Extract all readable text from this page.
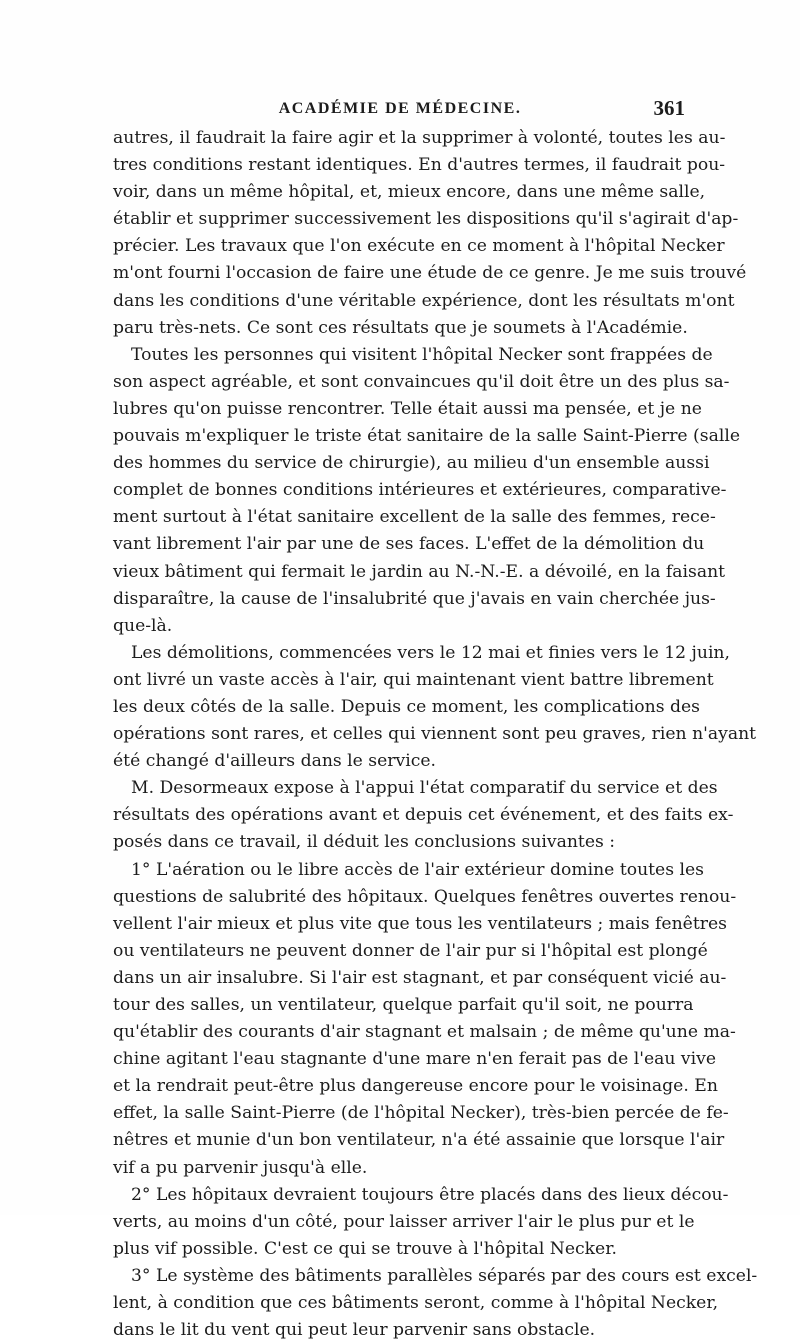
ACADÉMIE DE MÉDECINE.	361
autres, il faudrait la faire agir et la supprimer à volonté, toutes les au-
tres conditions restant identiques. En d'autres termes, il faudrait pou-
voir, dans un même hôpital, et, mieux encore, dans une même salle,
établir et supprimer successivement les dispositions qu'il s'agirait d'ap-
précier. Les travaux que l'on exécute en ce moment à l'hôpital Necker
m'ont fourni l'occasion de faire une étude de ce genre. Je me suis trouvé
dans les conditions d'une véritable expérience, dont les résultats m'ont
paru très-nets. Ce sont ces résultats que je soumets à l'Académie.
Toutes les personnes qui visitent l'hôpital Necker sont frappées de
son aspect agréable, et sont convaincues qu'il doit être un des plus sa-
lubres qu'on puisse rencontrer. Telle était aussi ma pensée, et je ne
pouvais m'expliquer le triste état sanitaire de la salle Saint-Pierre (salle
des hommes du service de chirurgie), au milieu d'un ensemble aussi
complet de bonnes conditions intérieures et extérieures, comparative-
ment surtout à l'état sanitaire excellent de la salle des femmes, rece-
vant librement l'air par une de ses faces. L'effet de la démolition du
vieux bâtiment qui fermait le jardin au N.-N.-E. a dévoilé, en la faisant
disparaître, la cause de l'insalubrité que j'avais en vain cherchée jus-
que-là.
Les démolitions, commencées vers le 12 mai et finies vers le 12 juin,
ont livré un vaste accès à l'air, qui maintenant vient battre librement
les deux côtés de la salle. Depuis ce moment, les complications des
opérations sont rares, et celles qui viennent sont peu graves, rien n'ayant
été changé d'ailleurs dans le service.
M. Desormeaux expose à l'appui l'état comparatif du service et des
résultats des opérations avant et depuis cet événement, et des faits ex-
posés dans ce travail, il déduit les conclusions suivantes :
1° L'aération ou le libre accès de l'air extérieur domine toutes les
questions de salubrité des hôpitaux. Quelques fenêtres ouvertes renou-
vellent l'air mieux et plus vite que tous les ventilateurs ; mais fenêtres
ou ventilateurs ne peuvent donner de l'air pur si l'hôpital est plongé
dans un air insalubre. Si l'air est stagnant, et par conséquent vicié au-
tour des salles, un ventilateur, quelque parfait qu'il soit, ne pourra
qu'établir des courants d'air stagnant et malsain ; de même qu'une ma-
chine agitant l'eau stagnante d'une mare n'en ferait pas de l'eau vive
et la rendrait peut-être plus dangereuse encore pour le voisinage. En
effet, la salle Saint-Pierre (de l'hôpital Necker), très-bien percée de fe-
nêtres et munie d'un bon ventilateur, n'a été assainie que lorsque l'air
vif a pu parvenir jusqu'à elle.
2° Les hôpitaux devraient toujours être placés dans des lieux décou-
verts, au moins d'un côté, pour laisser arriver l'air le plus pur et le
plus vif possible. C'est ce qui se trouve à l'hôpital Necker.
3° Le système des bâtiments parallèles séparés par des cours est excel-
lent, à condition que ces bâtiments seront, comme à l'hôpital Necker,
dans le lit du vent qui peut leur parvenir sans obstacle.
